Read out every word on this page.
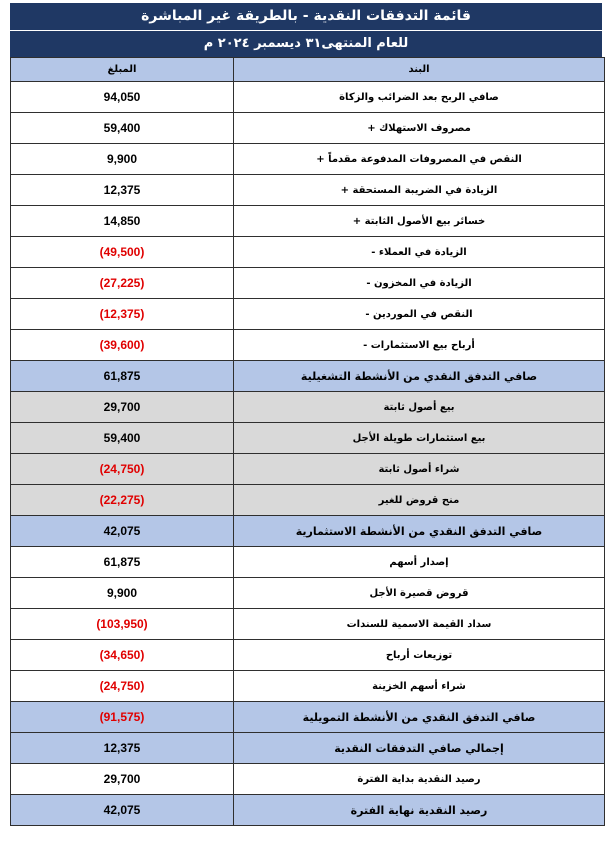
قائمة التدفقات النقدية - بالطريقة غير المباشرة
للعام المنتهى٣١ ديسمبر ٢٠٢٤ م
المبلغ	البند
94,050	صافي الربح بعد الضرائب والزكاة
59,400	مصروف الاستهلاك +
9,900	النقص في المصروفات المدفوعة مقدماً +
12,375	الزيادة في الضريبة المستحقة +
14,850	خسائر بيع الأصول الثابتة +
(49,500)	الزيادة في العملاء -
(27,225)	الزيادة في المخزون -
(12,375)	النقص في الموردين -
(39,600)	أرباح بيع الاستثمارات -
61,875	صافي التدفق النقدي من الأنشطة التشغيلية
29,700	بيع أصول ثابتة
59,400	بيع استثمارات طويلة الأجل
(24,750)	شراء أصول ثابتة
(22,275)	منح قروض للغير
42,075	صافي التدفق النقدي من الأنشطة الاستثمارية
61,875	إصدار أسهم
9,900	قروض قصيرة الأجل
(103,950)	سداد القيمة الاسمية للسندات
(34,650)	توزيعات أرباح
(24,750)	شراء أسهم الخزينة
(91,575)	صافي التدفق النقدي من الأنشطة التمويلية
12,375	إجمالي صافي التدفقات النقدية
29,700	رصيد النقدية بداية الفترة
42,075	رصيد النقدية نهاية الفترة
